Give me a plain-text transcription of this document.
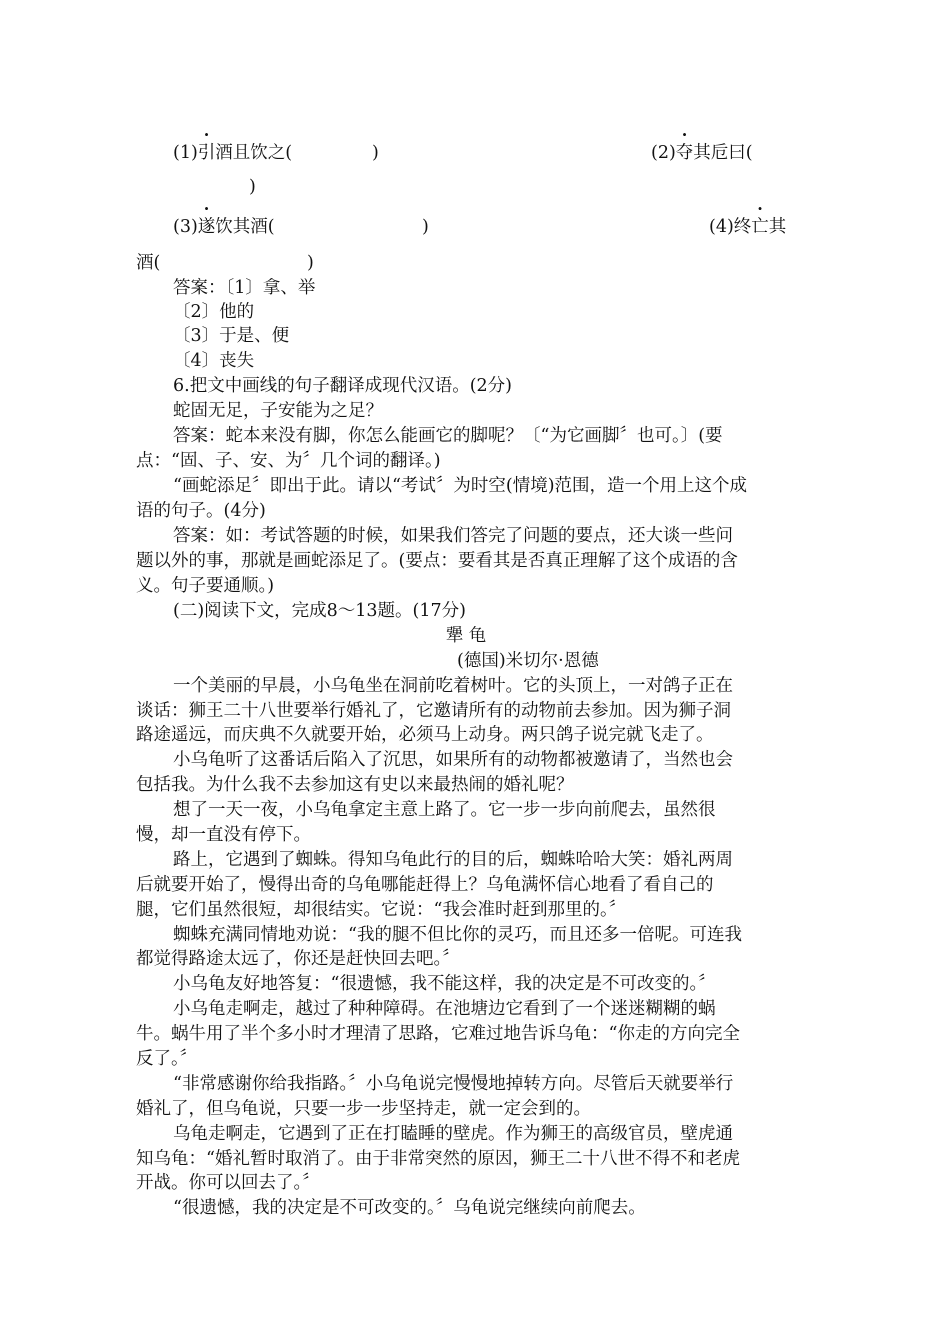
(1)引酒且饮之(	)	(2)夺其卮曰(
)
(3)遂饮其酒(	)	(4)终亡其
酒(	)
答案：〔1〕拿、举
〔2〕他的
〔3〕于是、便
〔4〕丧失
6.把文中画线的句子翻译成现代汉语。(2分)
蛇固无足，子安能为之足？
答案：蛇本来没有脚，你怎么能画它的脚呢？〔“为它画脚〞也可。〕(要
点：“固、子、安、为〞几个词的翻译。)
“画蛇添足〞即出于此。请以“考试〞为时空(情境)范围，造一个用上这个成
语的句子。(4分)
答案：如：考试答题的时候，如果我们答完了问题的要点，还大谈一些问
题以外的事，那就是画蛇添足了。(要点：要看其是否真正理解了这个成语的含
义。句子要通顺。)
(二)阅读下文，完成8～13题。(17分)
犟 龟
(德国)米切尔·恩德
一个美丽的早晨，小乌龟坐在洞前吃着树叶。它的头顶上，一对鸽子正在
谈话：狮王二十八世要举行婚礼了，它邀请所有的动物前去参加。因为狮子洞
路途遥远，而庆典不久就要开始，必须马上动身。两只鸽子说完就飞走了。
小乌龟听了这番话后陷入了沉思，如果所有的动物都被邀请了，当然也会
包括我。为什么我不去参加这有史以来最热闹的婚礼呢？
想了一天一夜，小乌龟拿定主意上路了。它一步一步向前爬去，虽然很
慢，却一直没有停下。
路上，它遇到了蜘蛛。得知乌龟此行的目的后，蜘蛛哈哈大笑：婚礼两周
后就要开始了，慢得出奇的乌龟哪能赶得上？乌龟满怀信心地看了看自己的
腿，它们虽然很短，却很结实。它说：“我会准时赶到那里的。〞
蜘蛛充满同情地劝说：“我的腿不但比你的灵巧，而且还多一倍呢。可连我
都觉得路途太远了，你还是赶快回去吧。〞
小乌龟友好地答复：“很遗憾，我不能这样，我的决定是不可改变的。〞
小乌龟走啊走，越过了种种障碍。在池塘边它看到了一个迷迷糊糊的蜗
牛。蜗牛用了半个多小时才理清了思路，它难过地告诉乌龟：“你走的方向完全
反了。〞
“非常感谢你给我指路。〞小乌龟说完慢慢地掉转方向。尽管后天就要举行
婚礼了，但乌龟说，只要一步一步坚持走，就一定会到的。
乌龟走啊走，它遇到了正在打瞌睡的壁虎。作为狮王的高级官员，壁虎通
知乌龟：“婚礼暂时取消了。由于非常突然的原因，狮王二十八世不得不和老虎
开战。你可以回去了。〞
“很遗憾，我的决定是不可改变的。〞乌龟说完继续向前爬去。
